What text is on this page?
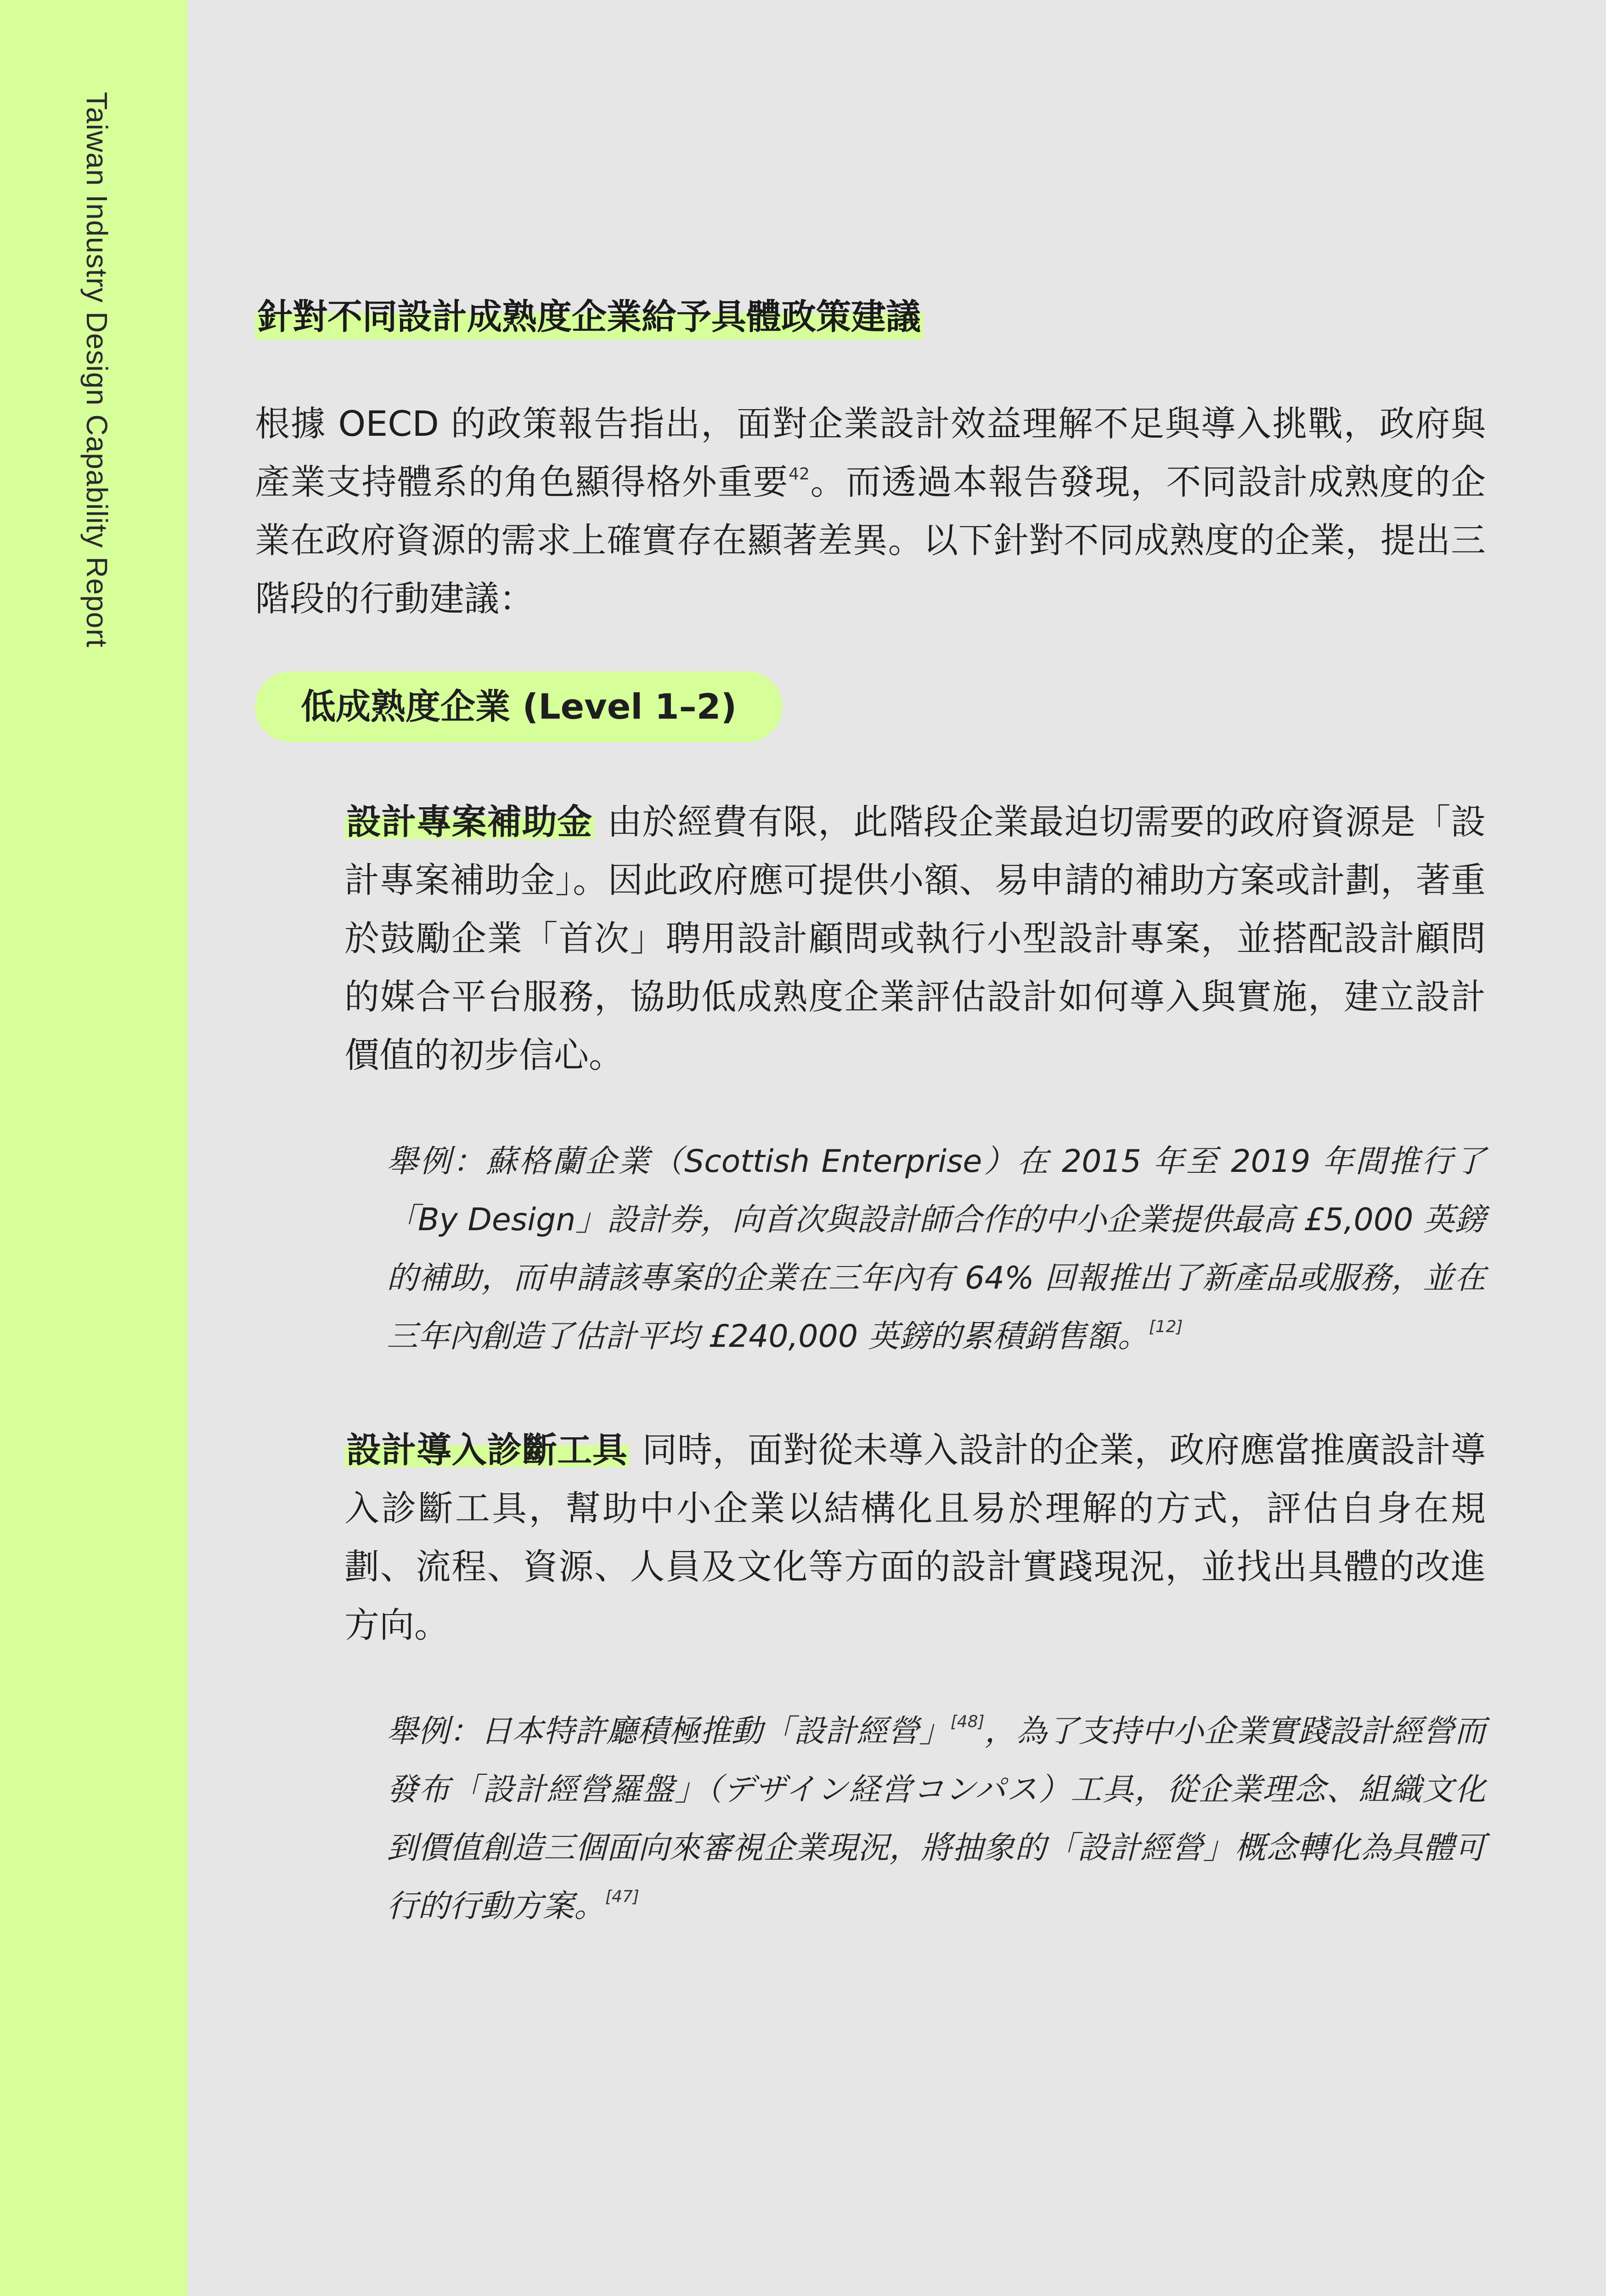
Taiwan Industry Design Capability Report	針對不同設計成熟度企業給予具體政策建議

根據 OECD 的政策報告指出，面對企業設計效益理解不足與導入挑戰，政府與產業支持體系的角色顯得格外重要$^{42}$。而透過本報告發現，不同設計成熟度的企業在政府資源的需求上確實存在顯著差異。以下針對不同成熟度的企業，提出三階段的行動建議：

低成熟度企業 (Level 1–2)

設計專案補助金 由於經費有限，此階段企業最迫切需要的政府資源是「設計專案補助金」。因此政府應可提供小額、易申請的補助方案或計劃，著重於鼓勵企業「首次」聘用設計顧問或執行小型設計專案，並搭配設計顧問的媒合平台服務，協助低成熟度企業評估設計如何導入與實施，建立設計價值的初步信心。

舉例：蘇格蘭企業（Scottish Enterprise）在 2015 年至 2019 年間推行了「By Design」設計券，向首次與設計師合作的中小企業提供最高 £5,000 英鎊的補助，而申請該專案的企業在三年內有 64% 回報推出了新產品或服務，並在三年內創造了估計平均 £240,000 英鎊的累積銷售額。[12]

設計導入診斷工具 同時，面對從未導入設計的企業，政府應當推廣設計導入診斷工具，幫助中小企業以結構化且易於理解的方式，評估自身在規劃、流程、資源、人員及文化等方面的設計實踐現況，並找出具體的改進方向。

舉例：日本特許廳積極推動「設計經營」[48]，為了支持中小企業實踐設計經營而發布「設計經營羅盤」（デザイン経営コンパス）工具，從企業理念、組織文化到價值創造三個面向來審視企業現況，將抽象的「設計經營」概念轉化為具體可行的行動方案。[47]
